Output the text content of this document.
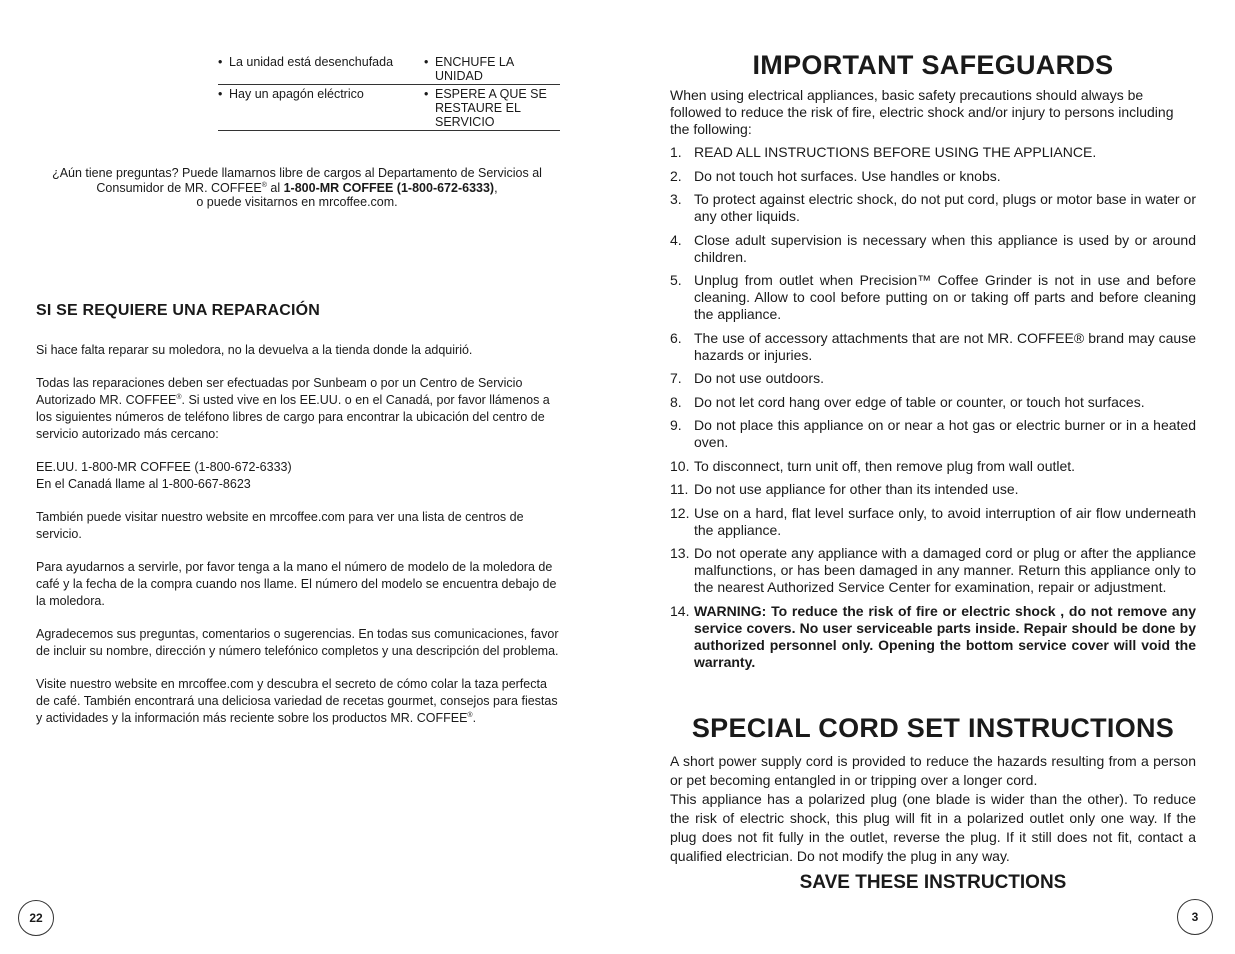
• La unidad está desenchufada	• ENCHUFE LA UNIDAD
• Hay un apagón eléctrico	• ESPERE A QUE SE RESTAURE EL SERVICIO
¿Aún tiene preguntas? Puede llamarnos libre de cargos al Departamento de Servicios al
Consumidor de MR. COFFEE® al 1-800-MR COFFEE (1-800-672-6333),
o puede visitarnos en mrcoffee.com.
SI SE REQUIERE UNA REPARACIÓN

Si hace falta reparar su moledora, no la devuelva a la tienda donde la adquirió.

Todas las reparaciones deben ser efectuadas por Sunbeam o por un Centro de Servicio Autorizado MR. COFFEE®. Si usted vive en los EE.UU. o en el Canadá, por favor llámenos a los siguientes números de teléfono libres de cargo para encontrar la ubicación del centro de servicio autorizado más cercano:

EE.UU. 1-800-MR COFFEE (1-800-672-6333)
En el Canadá llame al 1-800-667-8623

También puede visitar nuestro website en mrcoffee.com para ver una lista de centros de servicio.

Para ayudarnos a servirle, por favor tenga a la mano el número de modelo de la moledora de café y la fecha de la compra cuando nos llame. El número del modelo se encuentra debajo de la moledora.

Agradecemos sus preguntas, comentarios o sugerencias. En todas sus comunicaciones, favor de incluir su nombre, dirección y número telefónico completos y una descripción del problema.

Visite nuestro website en mrcoffee.com y descubra el secreto de cómo colar la taza perfecta de café. También encontrará una deliciosa variedad de recetas gourmet, consejos para fiestas y actividades y la información más reciente sobre los productos MR. COFFEE®.

22
IMPORTANT SAFEGUARDS
When using electrical appliances, basic safety precautions should always be followed to reduce the risk of fire, electric shock and/or injury to persons including the following:
1. READ ALL INSTRUCTIONS BEFORE USING THE APPLIANCE.
2. Do not touch hot surfaces. Use handles or knobs.
3. To protect against electric shock, do not put cord, plugs or motor base in water or any other liquids.
4. Close adult supervision is necessary when this appliance is used by or around children.
5. Unplug from outlet when Precision™ Coffee Grinder is not in use and before cleaning. Allow to cool before putting on or taking off parts and before cleaning the appliance.
6. The use of accessory attachments that are not MR. COFFEE® brand may cause hazards or injuries.
7. Do not use outdoors.
8. Do not let cord hang over edge of table or counter, or touch hot surfaces.
9. Do not place this appliance on or near a hot gas or electric burner or in a heated oven.
10. To disconnect, turn unit off, then remove plug from wall outlet.
11. Do not use appliance for other than its intended use.
12. Use on a hard, flat level surface only, to avoid interruption of air flow underneath the appliance.
13. Do not operate any appliance with a damaged cord or plug or after the appliance malfunctions, or has been damaged in any manner. Return this appliance only to the nearest Authorized Service Center for examination, repair or adjustment.
14. WARNING: To reduce the risk of fire or electric shock , do not remove any service covers. No user serviceable parts inside. Repair should be done by authorized personnel only. Opening the bottom service cover will void the warranty.
SPECIAL CORD SET INSTRUCTIONS

A short power supply cord is provided to reduce the hazards resulting from a person or pet becoming entangled in or tripping over a longer cord.

This appliance has a polarized plug (one blade is wider than the other). To reduce the risk of electric shock, this plug will fit in a polarized outlet only one way. If the plug does not fit fully in the outlet, reverse the plug. If it still does not fit, contact a qualified electrician. Do not modify the plug in any way.

SAVE THESE INSTRUCTIONS
3
